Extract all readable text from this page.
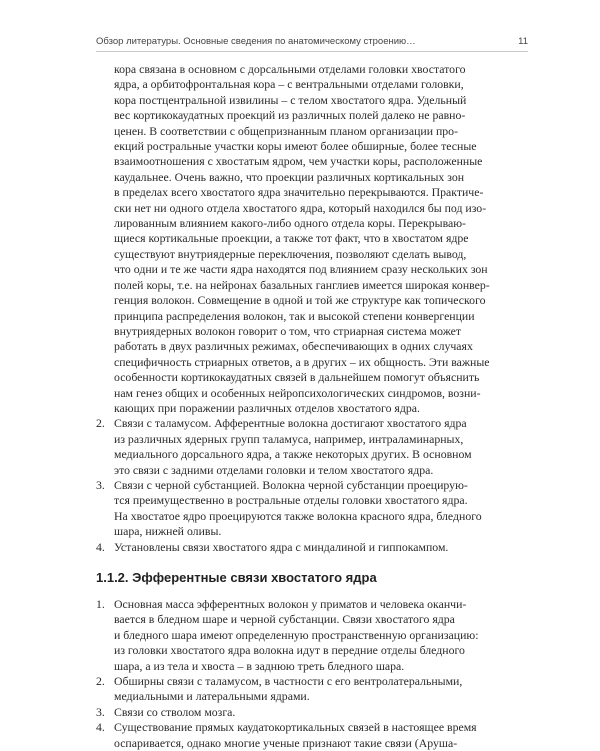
Обзор литературы. Основные сведения по анатомическому строению…	11
кора связана в основном с дорсальными отделами головки хвостатого
ядра, а орбитофронтальная кора – с вентральными отделами головки,
кора постцентральной извилины – с телом хвостатого ядра. Удельный
вес кортикокаудатных проекций из различных полей далеко не равно-
ценен. В соответствии с общепризнанным планом организации про-
екций ростральные участки коры имеют более обширные, более тесные
взаимоотношения с хвостатым ядром, чем участки коры, расположенные
каудальнее. Очень важно, что проекции различных кортикальных зон
в пределах всего хвостатого ядра значительно перекрываются. Практиче-
ски нет ни одного отдела хвостатого ядра, который находился бы под изо-
лированным влиянием какого-либо одного отдела коры. Перекрываю-
щиеся кортикальные проекции, а также тот факт, что в хвостатом ядре
существуют внутриядерные переключения, позволяют сделать вывод,
что одни и те же части ядра находятся под влиянием сразу нескольких зон
полей коры, т.е. на нейронах базальных ганглиев имеется широкая конвер-
генция волокон. Совмещение в одной и той же структуре как топического
принципа распределения волокон, так и высокой степени конвергенции
внутриядерных волокон говорит о том, что стриарная система может
работать в двух различных режимах, обеспечивающих в одних случаях
специфичность стриарных ответов, а в других – их общность. Эти важные
особенности кортикокаудатных связей в дальнейшем помогут объяснить
нам генез общих и особенных нейропсихологических синдромов, возни-
кающих при поражении различных отделов хвостатого ядра.
2. Связи с таламусом. Афферентные волокна достигают хвостатого ядра
из различных ядерных групп таламуса, например, интраламинарных,
медиального дорсального ядра, а также некоторых других. В основном
это связи с задними отделами головки и телом хвостатого ядра.
3. Связи с черной субстанцией. Волокна черной субстанции проецирую-
тся преимущественно в ростральные отделы головки хвостатого ядра.
На хвостатое ядро проецируются также волокна красного ядра, бледного
шара, нижней оливы.
4. Установлены связи хвостатого ядра с миндалиной и гиппокампом.
1.1.2. Эфферентные связи хвостатого ядра
1. Основная масса эфферентных волокон у приматов и человека оканчи-
вается в бледном шаре и черной субстанции. Связи хвостатого ядра
и бледного шара имеют определенную пространственную организацию:
из головки хвостатого ядра волокна идут в передние отделы бледного
шара, а из тела и хвоста – в заднюю треть бледного шара.
2. Обширны связи с таламусом, в частности с его вентролатеральными,
медиальными и латеральными ядрами.
3. Связи со стволом мозга.
4. Существование прямых каудатокортикальных связей в настоящее время
оспаривается, однако многие ученые признают такие связи (Аруша-
